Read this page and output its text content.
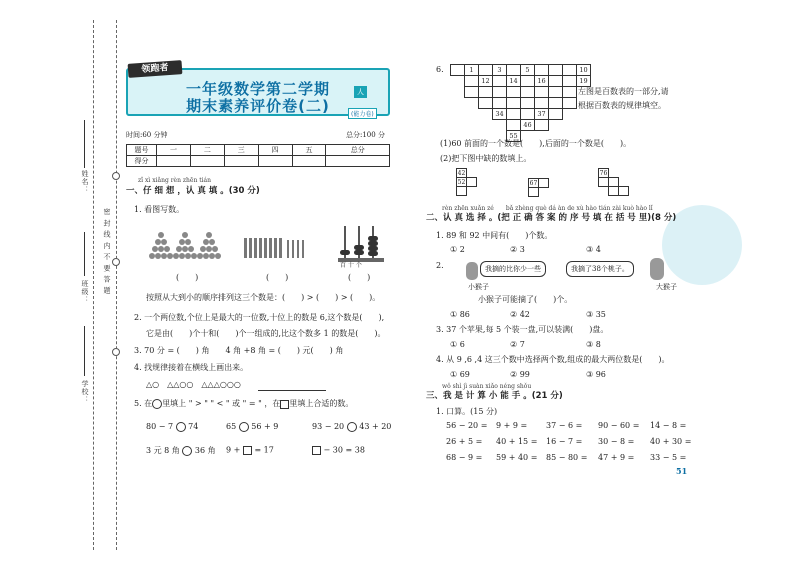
姓名：
班级：
学校：
密 封 线 内 不 要 答 题
一年级数学第二学期
期末素养评价卷(二)
领跑者
人
(能力卷)
时间:60 分钟	总分:100 分
题号	一	二	三	四	五	总分
得分						
zǐ xì xiǎng rèn zhēn tián
一、仔 细 想 ，认 真 填 。(30 分)
1. 看图写数。
百 十 个
(　　)	(　　)	(　　)
按照从大到小的顺序排列这三个数是：(　　) > (　　) > (　　)。
2. 一个两位数,个位上是最大的一位数,十位上的数是 6,这个数是(　　),
它是由(　　)个十和(　　)个一组成的,比这个数多 1 的数是(　　)。
3. 70 分 = (　　) 角　　4 角 +8 角 = (　　) 元(　　) 角
4. 找规律接着在横线上画出来。
△○　△△○○　△△△○○○
5. 在 里填上 " > " " < " 或 " = " ，在 里填上合适的数。
80 − 7 74	65 56 + 9	93 − 20 43 + 20
3 元 8 角 36 角 9 + = 17	− 30 = 38
6.
		1		3		5				10	
		12		14		16			19	

			34			37				
					46					
				55						
左图是百数表的一部分,请
根据百数表的规律填空。
(1)60 前面的一个数是(　　),后面的一个数是(　　)。
(2)把下图中缺的数填上。
42	
52	
		67	

76		

rèn zhēn xuǎn zé　　bǎ zhèng què dá àn de xù hào tián zài kuò hào lǐ
二、认 真 选 择 。(把 正 确 答 案 的 序 号 填 在 括 号 里)(8 分)
1. 89 和 92 中间有(　　)个数。
① 2	② 3	③ 4
2.	我摘的比你少一些	我摘了38个桃子。
小猴子	大猴子
小猴子可能摘了(　　)个。
① 86	② 42	③ 35
3. 37 个苹果,每 5 个装一盘,可以装满(　　)盘。
① 6	② 7	③ 8
4. 从 9 ,6 ,4 这三个数中选择两个数,组成的最大两位数是(　　)。
① 69	② 99	③ 96
wǒ shì jì suàn xiǎo néng shǒu
三、我 是 计 算 小 能 手 。(21 分)
1. 口算。(15 分)
56 − 20 = 9 + 9 = 37 − 6 = 90 − 60 = 14 − 8 =
26 + 5 = 40 + 15 = 16 − 7 = 30 − 8 = 40 + 30 =
68 − 9 = 59 + 40 = 85 − 80 = 47 + 9 = 33 − 5 =
51
